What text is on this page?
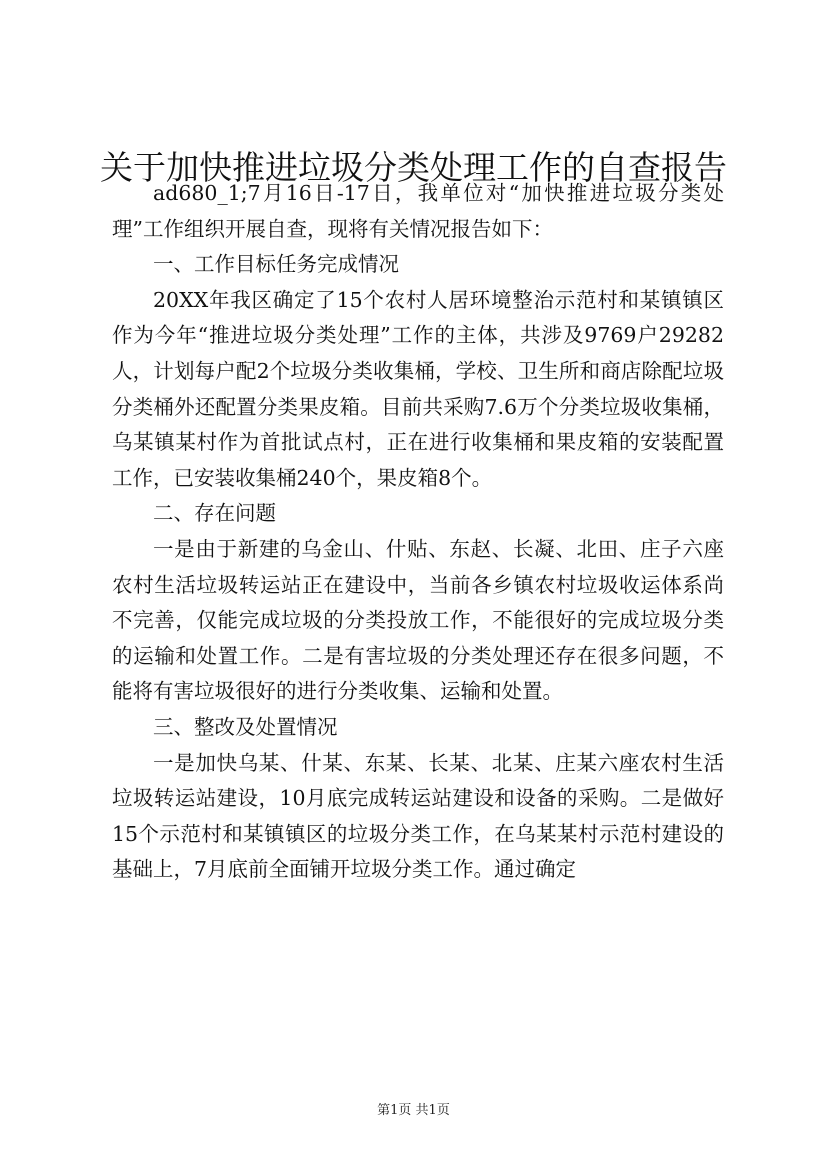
关于加快推进垃圾分类处理工作的自查报告

ad680_1;7月16日-17日，我单位对“加快推进垃圾分类处理”工作组织开展自查，现将有关情况报告如下：

一、工作目标任务完成情况

20XX年我区确定了15个农村人居环境整治示范村和某镇镇区作为今年“推进垃圾分类处理”工作的主体，共涉及9769户29282人，计划每户配2个垃圾分类收集桶，学校、卫生所和商店除配垃圾分类桶外还配置分类果皮箱。目前共采购7.6万个分类垃圾收集桶，乌某镇某村作为首批试点村，正在进行收集桶和果皮箱的安装配置工作，已安装收集桶240个，果皮箱8个。

二、存在问题

一是由于新建的乌金山、什贴、东赵、长凝、北田、庄子六座农村生活垃圾转运站正在建设中，当前各乡镇农村垃圾收运体系尚不完善，仅能完成垃圾的分类投放工作，不能很好的完成垃圾分类的运输和处置工作。二是有害垃圾的分类处理还存在很多问题，不能将有害垃圾很好的进行分类收集、运输和处置。

三、整改及处置情况

一是加快乌某、什某、东某、长某、北某、庄某六座农村生活垃圾转运站建设，10月底完成转运站建设和设备的采购。二是做好15个示范村和某镇镇区的垃圾分类工作，在乌某某村示范村建设的基础上，7月底前全面铺开垃圾分类工作。通过确定

第1页 共1页
